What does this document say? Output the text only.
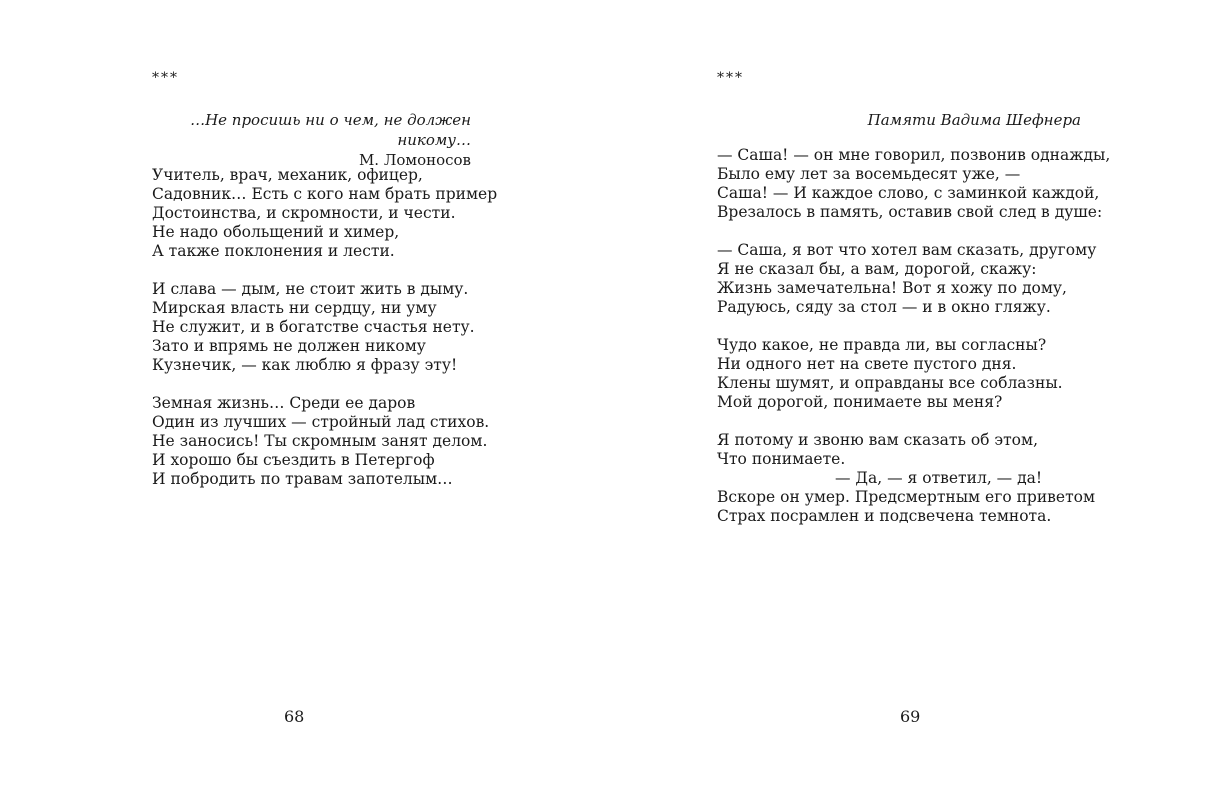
***
…Не просишь ни о чем, не должен никому…
М. Ломоносов
Учитель, врач, механик, офицер,
Садовник… Есть с кого нам брать пример
Достоинства, и скромности, и чести.
Не надо обольщений и химер,
А также поклонения и лести.
И слава — дым, не стоит жить в дыму.
Мирская власть ни сердцу, ни уму
Не служит, и в богатстве счастья нету.
Зато и впрямь не должен никому
Кузнечик, — как люблю я фразу эту!
Земная жизнь… Среди ее даров
Один из лучших — стройный лад стихов.
Не заносись! Ты скромным занят делом.
И хорошо бы съездить в Петергоф
И побродить по травам запотелым…
68
***
Памяти Вадима Шефнера
— Саша! — он мне говорил, позвонив однажды,
Было ему лет за восемьдесят уже, —
Саша! — И каждое слово, с заминкой каждой,
Врезалось в память, оставив свой след в душе:
— Саша, я вот что хотел вам сказать, другому
Я не сказал бы, а вам, дорогой, скажу:
Жизнь замечательна! Вот я хожу по дому,
Радуюсь, сяду за стол — и в окно гляжу.
Чудо какое, не правда ли, вы согласны?
Ни одного нет на свете пустого дня.
Клены шумят, и оправданы все соблазны.
Мой дорогой, понимаете вы меня?
Я потому и звоню вам сказать об этом,
Что понимаете.
— Да, — я ответил, — да!
Вскоре он умер. Предсмертным его приветом
Страх посрамлен и подсвечена темнота.
69
